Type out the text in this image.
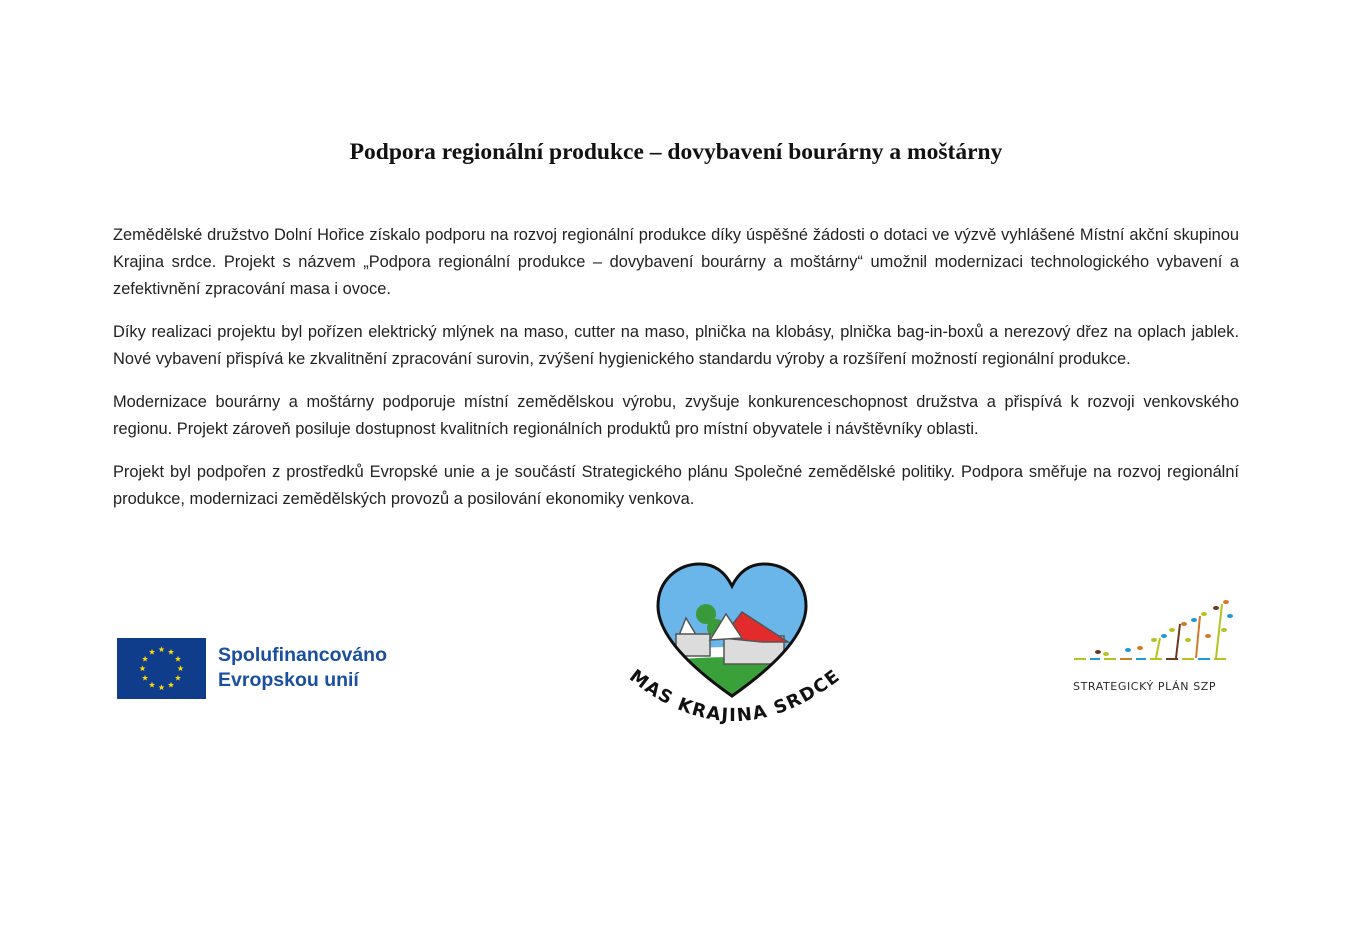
Podpora regionální produkce – dovybavení bourárny a moštárny

Zemědělské družstvo Dolní Hořice získalo podporu na rozvoj regionální produkce díky úspěšné žádosti o dotaci ve výzvě vyhlášené Místní akční skupinou Krajina srdce. Projekt s názvem „Podpora regionální produkce – dovybavení bourárny a moštárny“ umožnil modernizaci technologického vybavení a zefektivnění zpracování masa i ovoce.

Díky realizaci projektu byl pořízen elektrický mlýnek na maso, cutter na maso, plnička na klobásy, plnička bag-in-boxů a nerezový dřez na oplach jablek. Nové vybavení přispívá ke zkvalitnění zpracování surovin, zvýšení hygienického standardu výroby a rozšíření možností regionální produkce.

Modernizace bourárny a moštárny podporuje místní zemědělskou výrobu, zvyšuje konkurenceschopnost družstva a přispívá k rozvoji venkovského regionu. Projekt zároveň posiluje dostupnost kvalitních regionálních produktů pro místní obyvatele i návštěvníky oblasti.

Projekt byl podpořen z prostředků Evropské unie a je součástí Strategického plánu Společné zemědělské politiky. Podpora směřuje na rozvoj regionální produkce, modernizaci zemědělských provozů a posilování ekonomiky venkova.

Spolufinancováno
Evropskou unií	MAS KRAJINA SRDCE	STRATEGICKÝ PLÁN SZP
